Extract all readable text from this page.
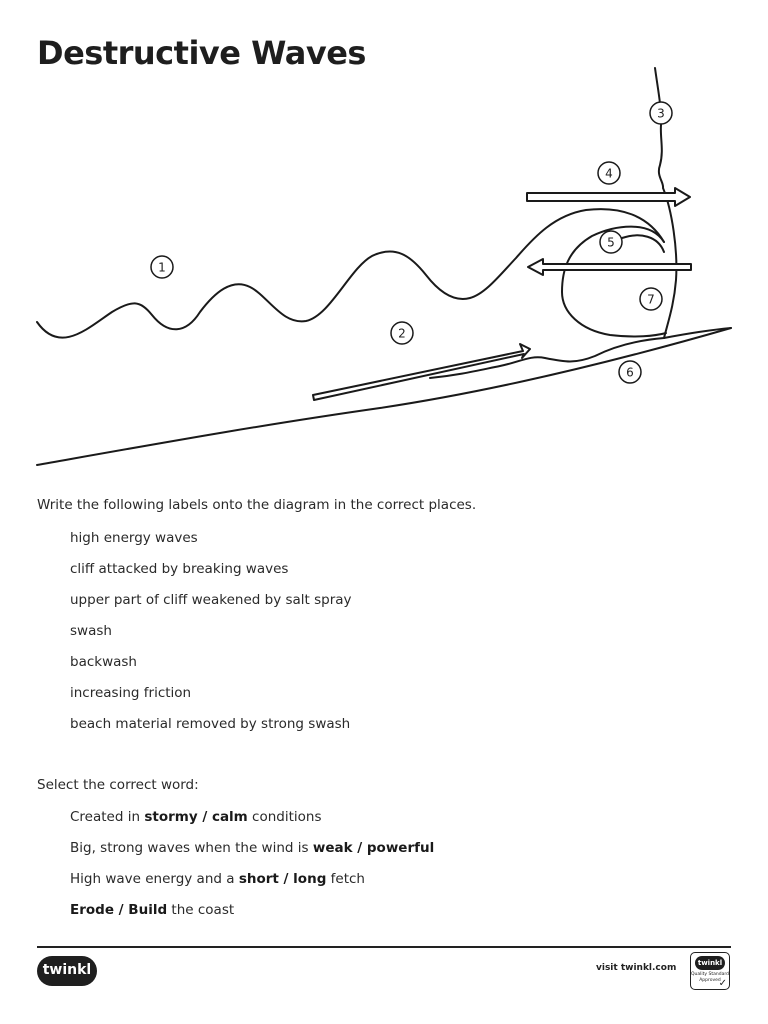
Destructive Waves
1
2
3
4
5
6
7

Write the following labels onto the diagram in the correct places.

high energy waves
cliff attacked by breaking waves
upper part of cliff weakened by salt spray
swash
backwash
increasing friction
beach material removed by strong swash

Select the correct word:

Created in stormy / calm conditions
Big, strong waves when the wind is weak / powerful
High wave energy and a short / long fetch
Erode / Build the coast
twinkl	visit twinkl.com	twinkl
Quality Standard Approved
✓
